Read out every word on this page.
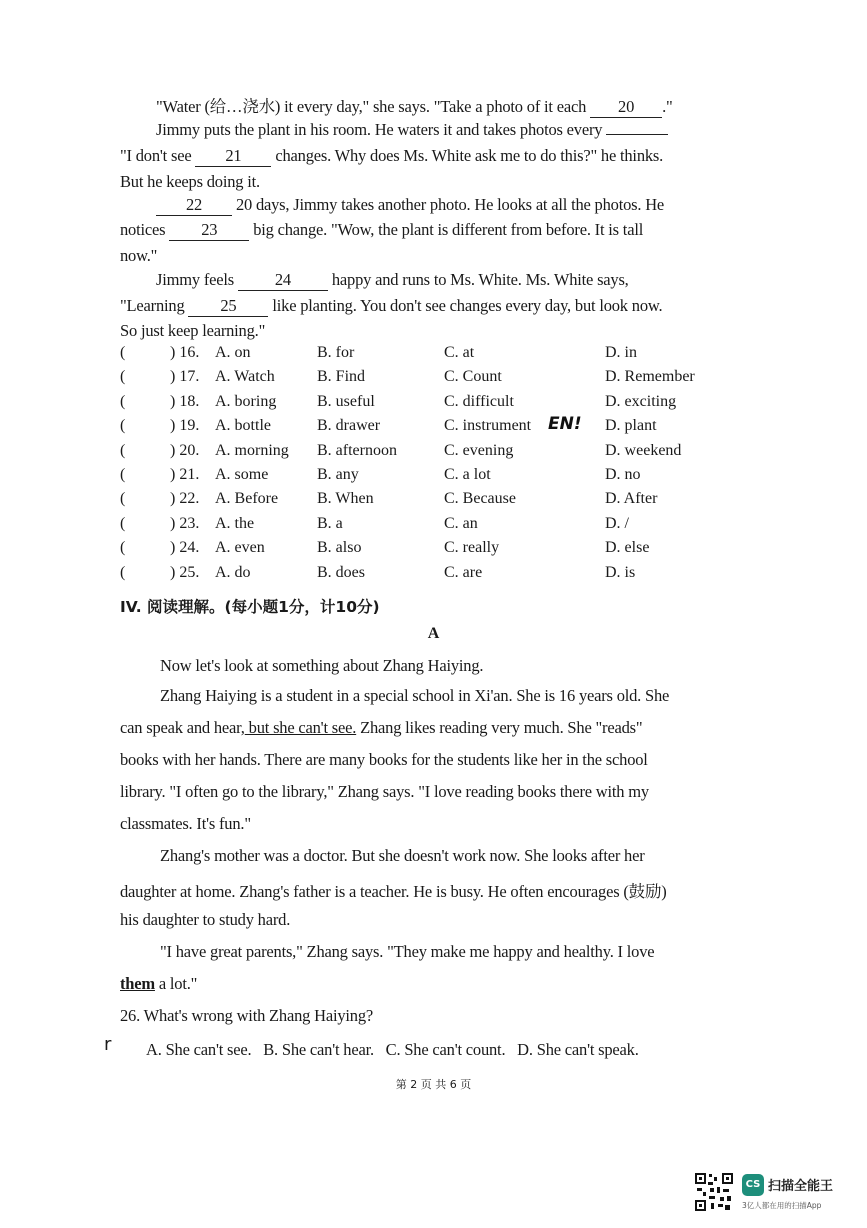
"Water (给…浇水) it every day," she says. "Take a photo of it each 20 ."
Jimmy puts the plant in his room. He waters it and takes photos every
"I don't see 21 changes. Why does Ms. White ask me to do this?" he thinks.
But he keeps doing it.
22 20 days, Jimmy takes another photo. He looks at all the photos. He
notices 23 big change. "Wow, the plant is different from before. It is tall
now."
Jimmy feels 24 happy and runs to Ms. White. Ms. White says,
"Learning 25 like planting. You don't see changes every day, but look now.
So just keep learning."
(	) 16. A. on	B. for	C. at	D. in
(	) 17. A. Watch	B. Find	C. Count	D. Remember
(	) 18. A. boring	B. useful	C. difficult	D. exciting
(	) 19. A. bottle	B. drawer	C. instrument	D. plant
(	) 20. A. morning B. afternoon	C. evening	D. weekend
(	) 21. A. some	B. any	C. a lot	D. no
(	) 22. A. Before B. When	C. Because	D. After
(	) 23. A. the	B. a	C. an	D. /
(	) 24. A. even	B. also	C. really	D. else
(	) 25. A. do	B. does	C. are	D. is
EN!
IV. 阅读理解。(每小题1分，计10分)
A
Now let's look at something about Zhang Haiying.
Zhang Haiying is a student in a special school in Xi'an. She is 16 years old. She
can speak and hear, but she can't see. Zhang likes reading very much. She "reads"
books with her hands. There are many books for the students like her in the school
library. "I often go to the library," Zhang says. "I love reading books there with my
classmates. It's fun."
Zhang's mother was a doctor. But she doesn't work now. She looks after her
daughter at home. Zhang's father is a teacher. He is busy. He often encourages (鼓励)
his daughter to study hard.
"I have great parents," Zhang says. "They make me happy and healthy. I love
them a lot."
26. What's wrong with Zhang Haiying?
r A. She can't see.   B. She can't hear.   C. She can't count.   D. She can't speak.
第 2 页 共 6 页
CS 扫描全能王
3亿人都在用的扫描App
